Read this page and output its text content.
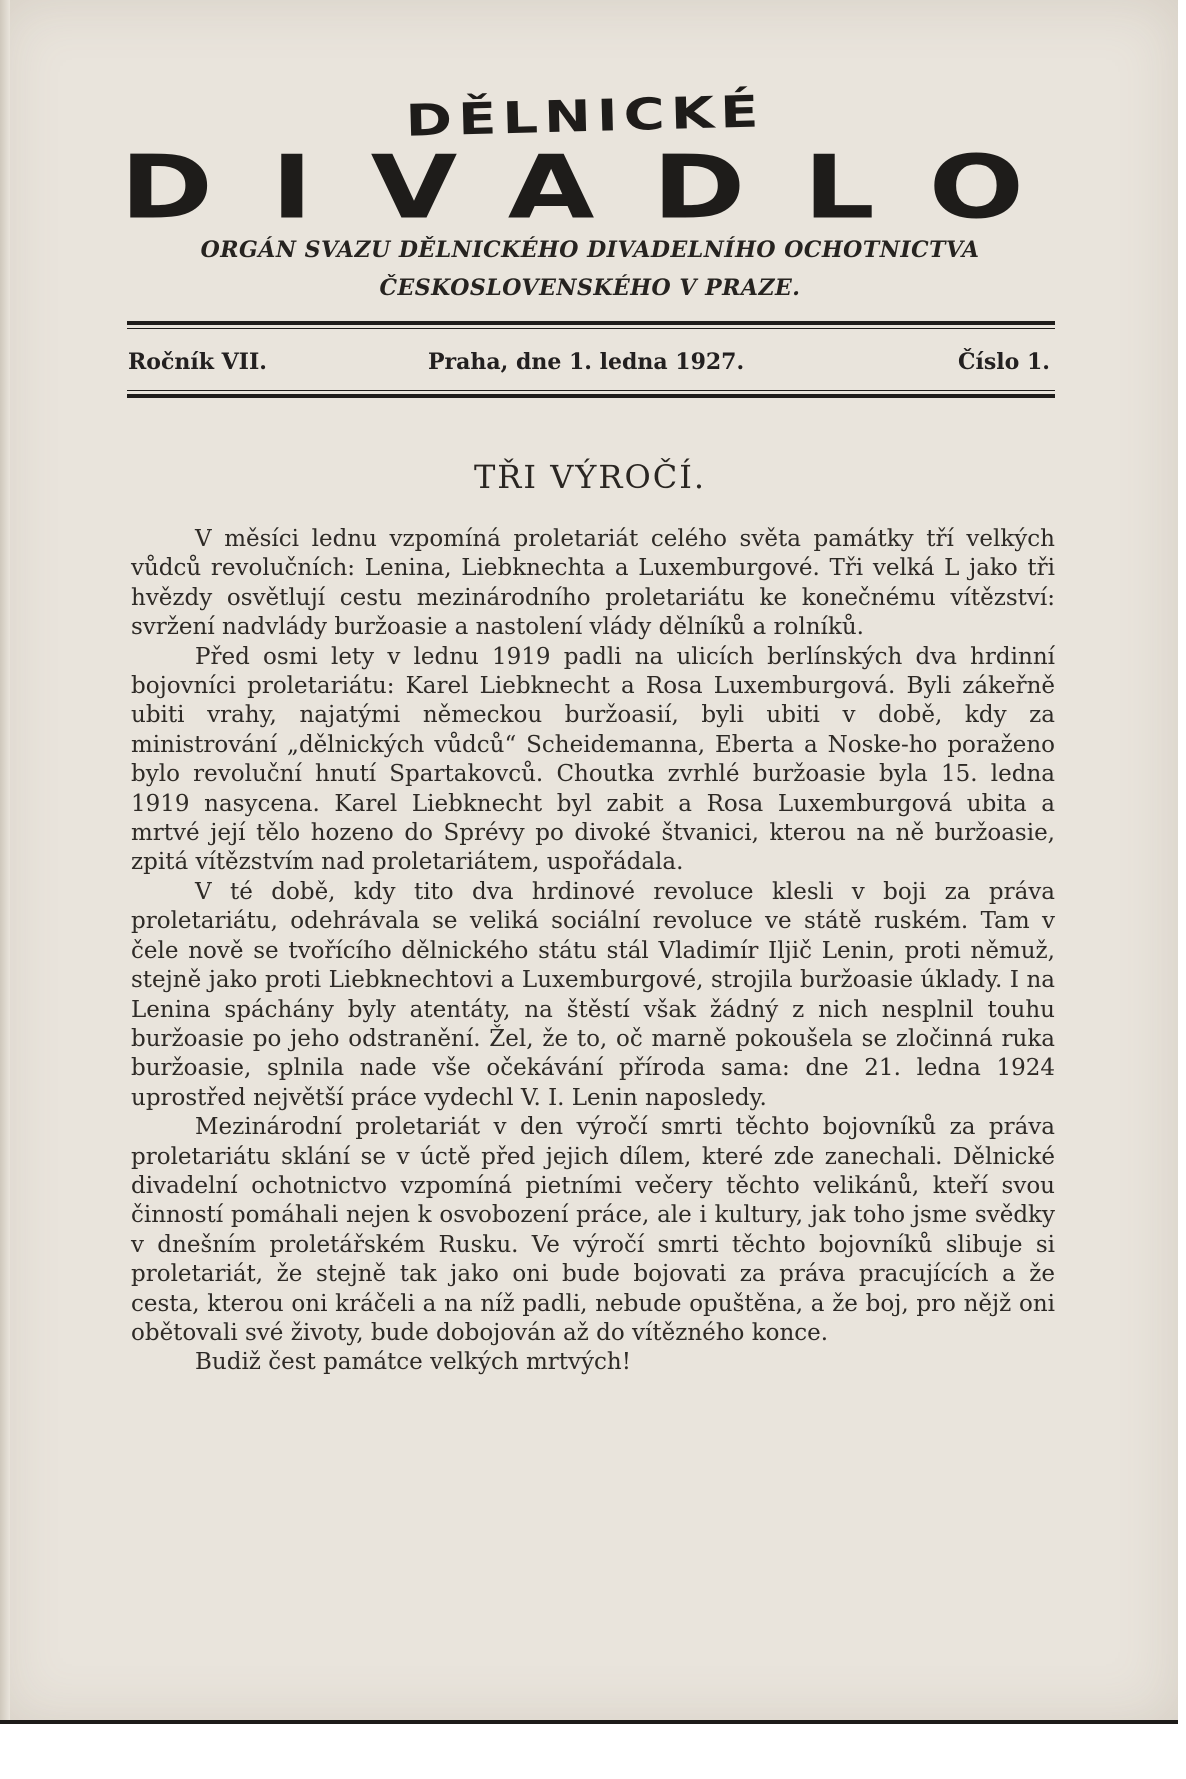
DĚLNICKÉ
DIVADLO
ORGÁN SVAZU DĚLNICKÉHO DIVADELNÍHO OCHOTNICTVA
ČESKOSLOVENSKÉHO V PRAZE.
Ročník VII.	Praha, dne 1. ledna 1927.	Číslo 1.
TŘI VÝROČÍ.

V měsíci lednu vzpomíná proletariát celého světa památky tří velkých vůdců revolučních: Lenina, Liebknechta a Luxemburgové. Tři velká L jako tři hvězdy osvětlují cestu mezinárodního proletariátu ke konečnému vítězství: svržení nadvlády buržoasie a nastolení vlády dělníků a rolníků.

Před osmi lety v lednu 1919 padli na ulicích berlínských dva hrdinní bojovníci proletariátu: Karel Liebknecht a Rosa Luxemburgová. Byli zákeřně ubiti vrahy, najatými německou buržoasií, byli ubiti v době, kdy za ministrování „dělnických vůdců“ Scheidemanna, Eberta a Noske-ho poraženo bylo revoluční hnutí Spartakovců. Choutka zvrhlé buržoasie byla 15. ledna 1919 nasycena. Karel Liebknecht byl zabit a Rosa Luxemburgová ubita a mrtvé její tělo hozeno do Sprévy po divoké štvanici, kterou na ně buržoasie, zpitá vítězstvím nad proletariátem, uspořádala.

V té době, kdy tito dva hrdinové revoluce klesli v boji za práva proletariátu, odehrávala se veliká sociální revoluce ve státě ruském. Tam v čele nově se tvořícího dělnického státu stál Vladimír Iljič Lenin, proti němuž, stejně jako proti Liebknechtovi a Luxemburgové, strojila buržoasie úklady. I na Lenina spáchány byly atentáty, na štěstí však žádný z nich nesplnil touhu buržoasie po jeho odstranění. Žel, že to, oč marně pokoušela se zločinná ruka buržoasie, splnila nade vše očekávání příroda sama: dne 21. ledna 1924 uprostřed největší práce vydechl V. I. Lenin naposledy.

Mezinárodní proletariát v den výročí smrti těchto bojovníků za práva proletariátu sklání se v úctě před jejich dílem, které zde zanechali. Dělnické divadelní ochotnictvo vzpomíná pietními večery těchto velikánů, kteří svou činností pomáhali nejen k osvobození práce, ale i kultury, jak toho jsme svědky v dnešním proletářském Rusku. Ve výročí smrti těchto bojovníků slibuje si proletariát, že stejně tak jako oni bude bojovati za práva pracujících a že cesta, kterou oni kráčeli a na níž padli, nebude opuštěna, a že boj, pro nějž oni obětovali své životy, bude dobojován až do vítězného konce.

Budiž čest památce velkých mrtvých!
